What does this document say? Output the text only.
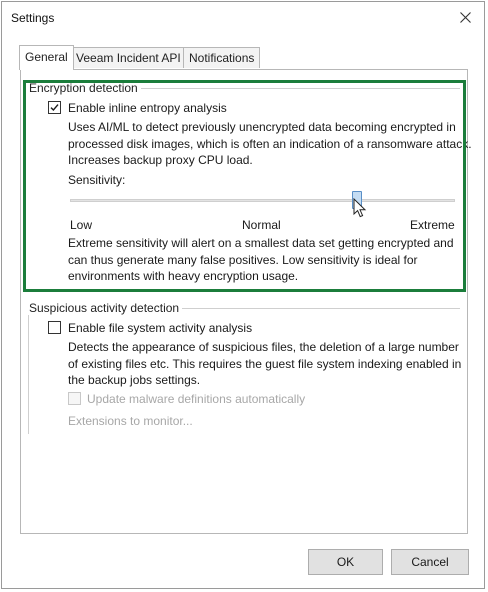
Settings
General Veeam Incident API Notifications
Encryption detection
Enable inline entropy analysis
Uses AI/ML to detect previously unencrypted data becoming encrypted in
processed disk images, which is often an indication of a ransomware attack.
Increases backup proxy CPU load.
Sensitivity:
Low	Normal	Extreme
Extreme sensitivity will alert on a smallest data set getting encrypted and
can thus generate many false positives. Low sensitivity is ideal for
environments with heavy encryption usage.
Suspicious activity detection
Enable file system activity analysis
Detects the appearance of suspicious files, the deletion of a large number
of existing files etc. This requires the guest file system indexing enabled in
the backup jobs settings.
Update malware definitions automatically
Extensions to monitor...
OK	Cancel
